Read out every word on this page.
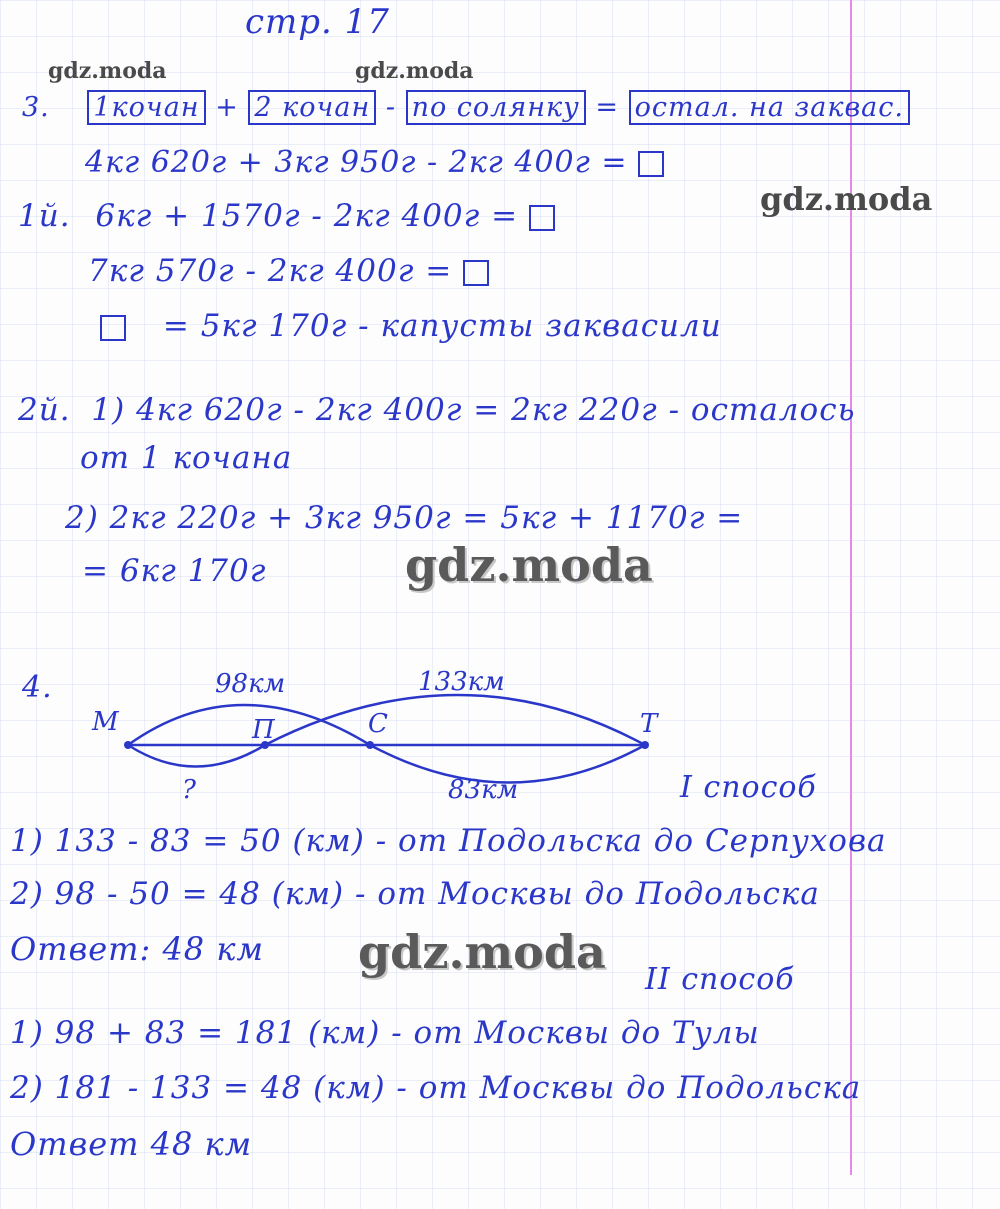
стр. 17
gdz.moda	gdz.moda
gdz.moda
gdz.moda
gdz.moda
3. 1кочан + 2 кочан - по солянку = остал. на заквас.
4кг 620г + 3кг 950г - 2кг 400г =
1й. 6кг + 1570г - 2кг 400г =
7кг 570г - 2кг 400г =
= 5кг 170г - капусты заквасили
2й. 1) 4кг 620г - 2кг 400г = 2кг 220г - осталось
от 1 кочана
2) 2кг 220г + 3кг 950г = 5кг + 1170г =
= 6кг 170г
4.	98км	133км
М	П	С	Т
?	83км	I способ
1) 133 - 83 = 50 (км) - от Подольска до Серпухова
2) 98 - 50 = 48 (км) - от Москвы до Подольска
Ответ: 48 км
II способ
1) 98 + 83 = 181 (км) - от Москвы до Тулы
2) 181 - 133 = 48 (км) - от Москвы до Подольска
Ответ 48 км
